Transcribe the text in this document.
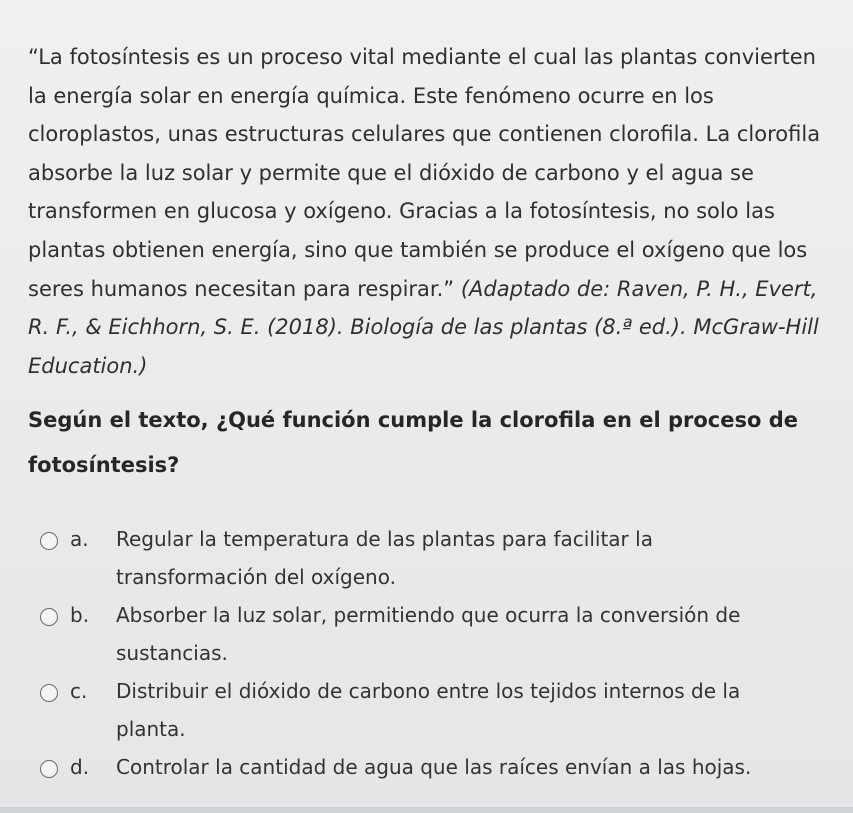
“La fotosíntesis es un proceso vital mediante el cual las plantas convierten la energía solar en energía química. Este fenómeno ocurre en los cloroplastos, unas estructuras celulares que contienen clorofila. La clorofila absorbe la luz solar y permite que el dióxido de carbono y el agua se transformen en glucosa y oxígeno. Gracias a la fotosíntesis, no solo las plantas obtienen energía, sino que también se produce el oxígeno que los seres humanos necesitan para respirar.” (Adaptado de: Raven, P. H., Evert, R. F., & Eichhorn, S. E. (2018). Biología de las plantas (8.ª ed.). McGraw-Hill Education.)
Según el texto, ¿Qué función cumple la clorofila en el proceso de fotosíntesis?
a.	Regular la temperatura de las plantas para facilitar la transformación del oxígeno.
b.	Absorber la luz solar, permitiendo que ocurra la conversión de sustancias.
c.	Distribuir el dióxido de carbono entre los tejidos internos de la planta.
d.	Controlar la cantidad de agua que las raíces envían a las hojas.
